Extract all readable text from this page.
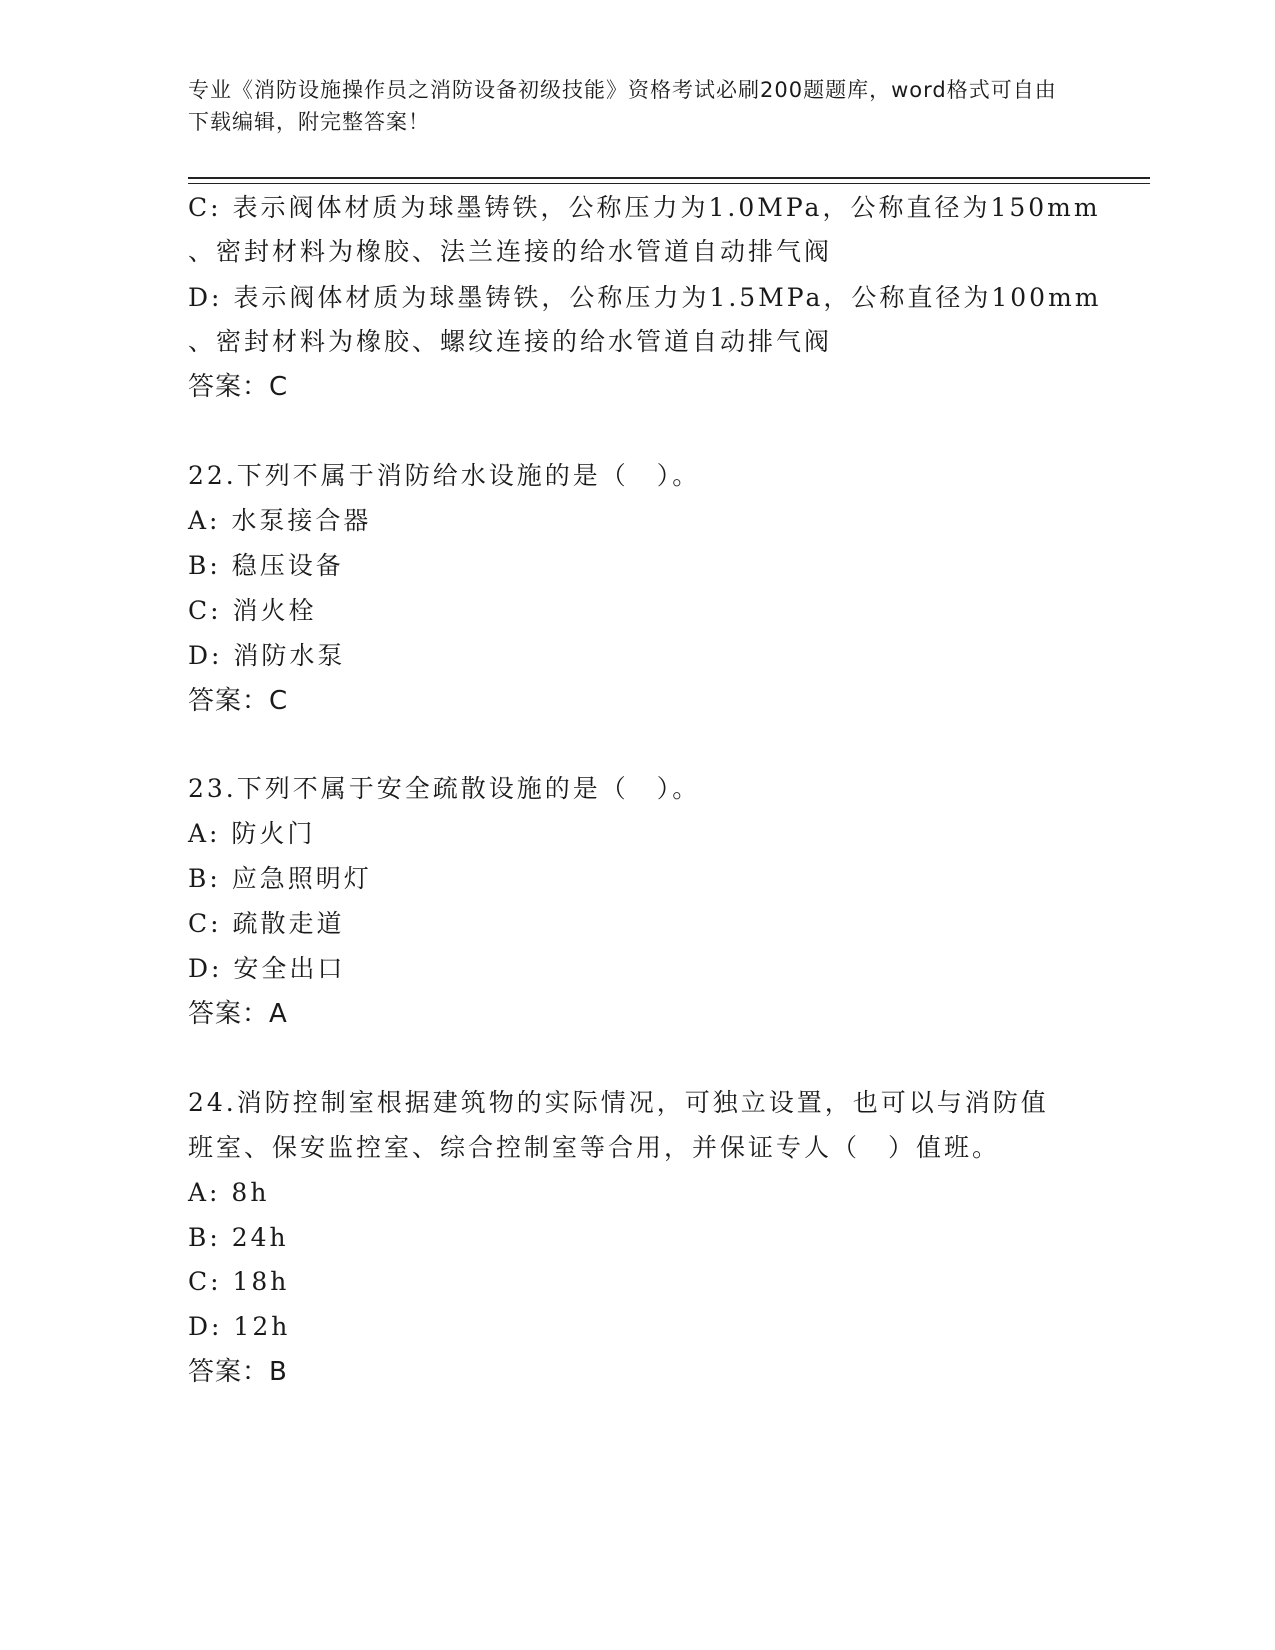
专业《消防设施操作员之消防设备初级技能》资格考试必刷200题题库，word格式可自由下载编辑，附完整答案！
C: 表示阀体材质为球墨铸铁，公称压力为1.0MPa，公称直径为150mm
、密封材料为橡胶、法兰连接的给水管道自动排气阀
D: 表示阀体材质为球墨铸铁，公称压力为1.5MPa，公称直径为100mm
、密封材料为橡胶、螺纹连接的给水管道自动排气阀
答案：C
22.下列不属于消防给水设施的是（　）。
A: 水泵接合器
B: 稳压设备
C: 消火栓
D: 消防水泵
答案：C
23.下列不属于安全疏散设施的是（　）。
A: 防火门
B: 应急照明灯
C: 疏散走道
D: 安全出口
答案：A
24.消防控制室根据建筑物的实际情况，可独立设置，也可以与消防值
班室、保安监控室、综合控制室等合用，并保证专人（　）值班。
A: 8h
B: 24h
C: 18h
D: 12h
答案：B
